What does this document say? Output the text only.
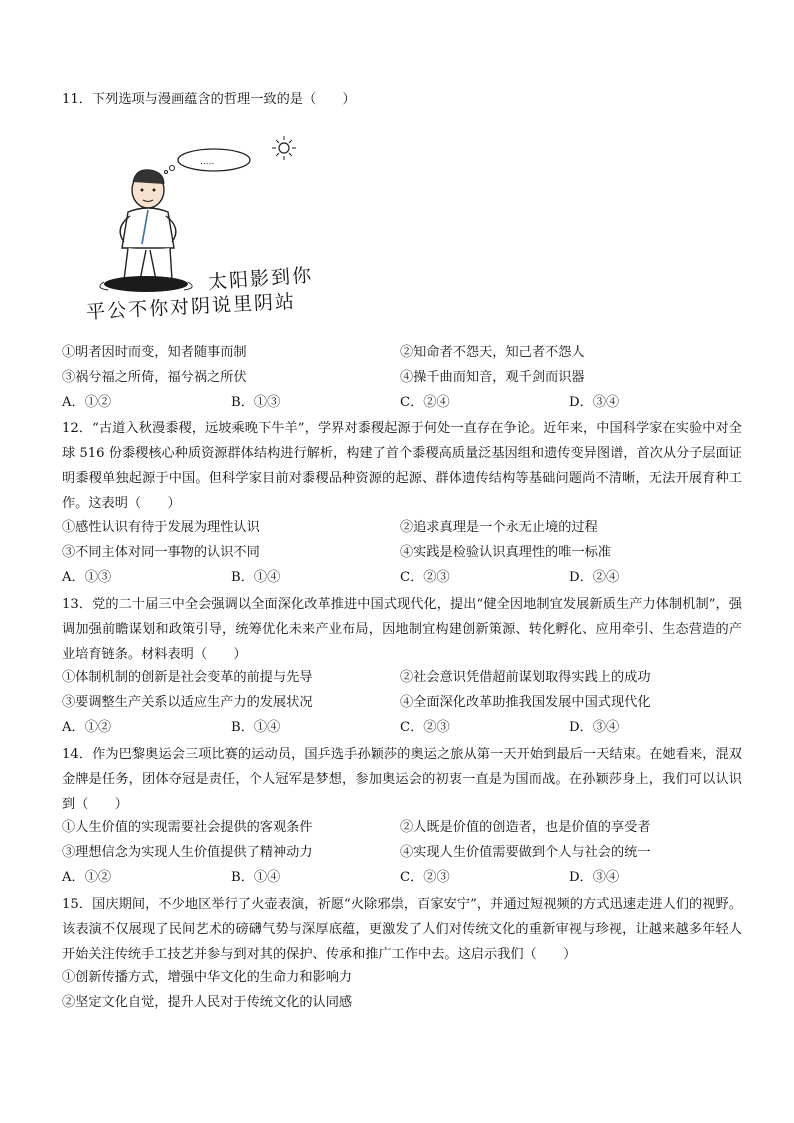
11．下列选项与漫画蕴含的哲理一致的是（　　）
.....
太阳影到你
平公不你对阴说里阴站
①明者因时而变，知者随事而制	②知命者不怨天，知己者不怨人
③祸兮福之所倚，福兮祸之所伏	④操千曲而知音，观千剑而识器
A．①②	B．①③	C．②④	D．③④
12．“古道入秋漫黍稷，远坡乘晚下牛羊”，学界对黍稷起源于何处一直存在争论。近年来，中国科学家在实验中对全球 516 份黍稷核心种质资源群体结构进行解析，构建了首个黍稷高质量泛基因组和遗传变异图谱，首次从分子层面证明黍稷单独起源于中国。但科学家目前对黍稷品种资源的起源、群体遗传结构等基础问题尚不清晰，无法开展育种工作。这表明（　　）
①感性认识有待于发展为理性认识	②追求真理是一个永无止境的过程
③不同主体对同一事物的认识不同	④实践是检验认识真理性的唯一标准
A．①③	B．①④	C．②③	D．②④
13．党的二十届三中全会强调以全面深化改革推进中国式现代化，提出“健全因地制宜发展新质生产力体制机制”，强调加强前瞻谋划和政策引导，统筹优化未来产业布局，因地制宜构建创新策源、转化孵化、应用牵引、生态营造的产业培育链条。材料表明（　　）
①体制机制的创新是社会变革的前提与先导	②社会意识凭借超前谋划取得实践上的成功
③要调整生产关系以适应生产力的发展状况	④全面深化改革助推我国发展中国式现代化
A．①②	B．①④	C．②③	D．③④
14．作为巴黎奥运会三项比赛的运动员，国乒选手孙颖莎的奥运之旅从第一天开始到最后一天结束。在她看来，混双金牌是任务，团体夺冠是责任，个人冠军是梦想，参加奥运会的初衷一直是为国而战。在孙颖莎身上，我们可以认识到（　　）
①人生价值的实现需要社会提供的客观条件	②人既是价值的创造者，也是价值的享受者
③理想信念为实现人生价值提供了精神动力	④实现人生价值需要做到个人与社会的统一
A．①②	B．①④	C．②③	D．③④
15．国庆期间，不少地区举行了火壶表演，祈愿“火除邪祟，百家安宁”，并通过短视频的方式迅速走进人们的视野。该表演不仅展现了民间艺术的磅礴气势与深厚底蕴，更激发了人们对传统文化的重新审视与珍视，让越来越多年轻人开始关注传统手工技艺并参与到对其的保护、传承和推广工作中去。这启示我们（　　）
①创新传播方式，增强中华文化的生命力和影响力
②坚定文化自觉，提升人民对于传统文化的认同感
